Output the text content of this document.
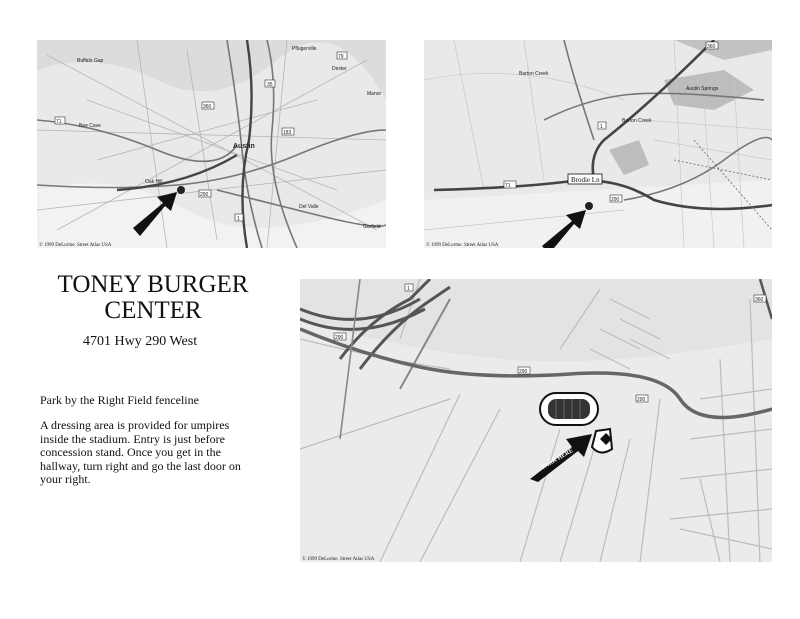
Buffalo Gap
Austin
Bee Cave
Oak Hill
Del Valle
Garfield
Manor
Dexter
Pflugerville
71
290
35
183
360
1
79
© 1999 DeLorme. Street Atlas USA
Barton Creek
Austin Springs
Barton Creek
Brodie Ln
360
1
290
71
© 1999 DeLorme. Street Atlas USA
TONEY BURGER
CENTER
4701 Hwy 290 West
Park by the Right Field fenceline
A dressing area is provided for umpires inside the stadium. Entry is just before concession stand. Once you get in the hallway, turn right and go the last door on your right.
PARK HERE
1
290
290
290
360
© 1999 DeLorme. Street Atlas USA
